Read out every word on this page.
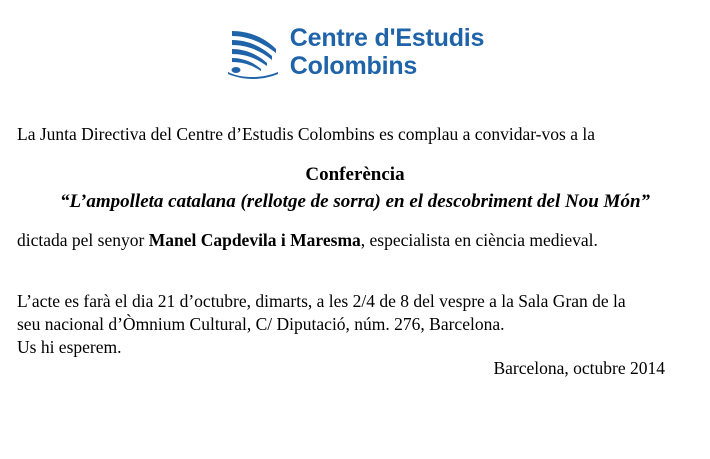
Centre d'Estudis
Colombins

La Junta Directiva del Centre d’Estudis Colombins es complau a convidar-vos a la

Conferència

“L’ampolleta catalana (rellotge de sorra) en el descobriment del Nou Món”

dictada pel senyor Manel Capdevila i Maresma, especialista en ciència medieval.

L’acte es farà el dia 21 d’octubre, dimarts, a les 2/4 de 8 del vespre a la Sala Gran de la
seu nacional d’Òmnium Cultural, C/ Diputació, núm. 276, Barcelona.
Us hi esperem.

Barcelona, octubre 2014
